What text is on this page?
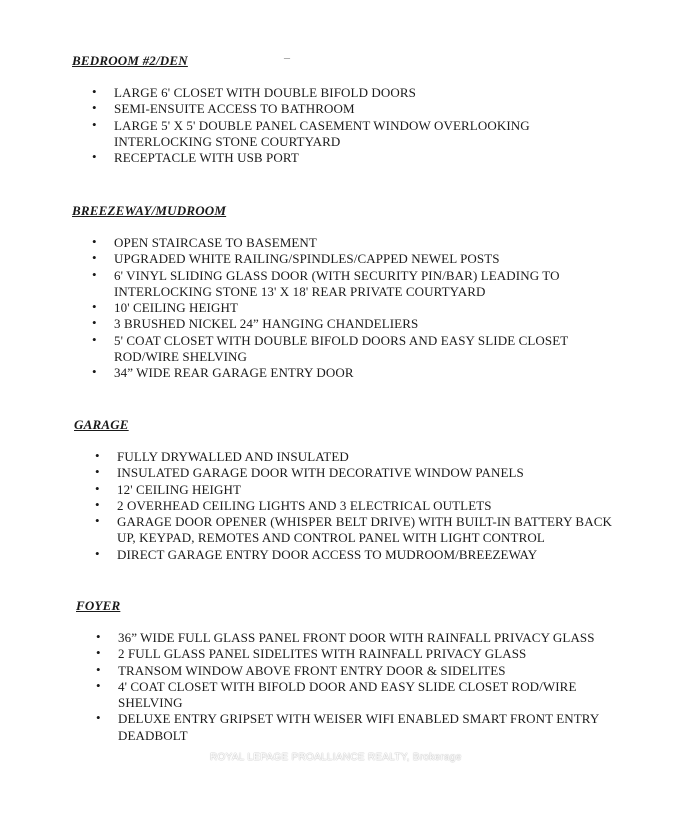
_
BEDROOM #2/DEN
• LARGE 6' CLOSET WITH DOUBLE BIFOLD DOORS
• SEMI-ENSUITE ACCESS TO BATHROOM
• LARGE 5' X 5' DOUBLE PANEL CASEMENT WINDOW OVERLOOKING INTERLOCKING STONE COURTYARD
• RECEPTACLE WITH USB PORT
BREEZEWAY/MUDROOM
• OPEN STAIRCASE TO BASEMENT
• UPGRADED WHITE RAILING/SPINDLES/CAPPED NEWEL POSTS
• 6' VINYL SLIDING GLASS DOOR (WITH SECURITY PIN/BAR) LEADING TO INTERLOCKING STONE 13' X 18' REAR PRIVATE COURTYARD
• 10' CEILING HEIGHT
• 3 BRUSHED NICKEL 24” HANGING CHANDELIERS
• 5' COAT CLOSET WITH DOUBLE BIFOLD DOORS AND EASY SLIDE CLOSET ROD/WIRE SHELVING
• 34” WIDE REAR GARAGE ENTRY DOOR
GARAGE
• FULLY DRYWALLED AND INSULATED
• INSULATED GARAGE DOOR WITH DECORATIVE WINDOW PANELS
• 12' CEILING HEIGHT
• 2 OVERHEAD CEILING LIGHTS AND 3 ELECTRICAL OUTLETS
• GARAGE DOOR OPENER (WHISPER BELT DRIVE) WITH BUILT-IN BATTERY BACK UP, KEYPAD, REMOTES AND CONTROL PANEL WITH LIGHT CONTROL
• DIRECT GARAGE ENTRY DOOR ACCESS TO MUDROOM/BREEZEWAY
FOYER
• 36” WIDE FULL GLASS PANEL FRONT DOOR WITH RAINFALL PRIVACY GLASS
• 2 FULL GLASS PANEL SIDELITES WITH RAINFALL PRIVACY GLASS
• TRANSOM WINDOW ABOVE FRONT ENTRY DOOR & SIDELITES
• 4' COAT CLOSET WITH BIFOLD DOOR AND EASY SLIDE CLOSET ROD/WIRE SHELVING
• DELUXE ENTRY GRIPSET WITH WEISER WIFI ENABLED SMART FRONT ENTRY DEADBOLT
ROYAL LEPAGE PROALLIANCE REALTY, Brokerage
